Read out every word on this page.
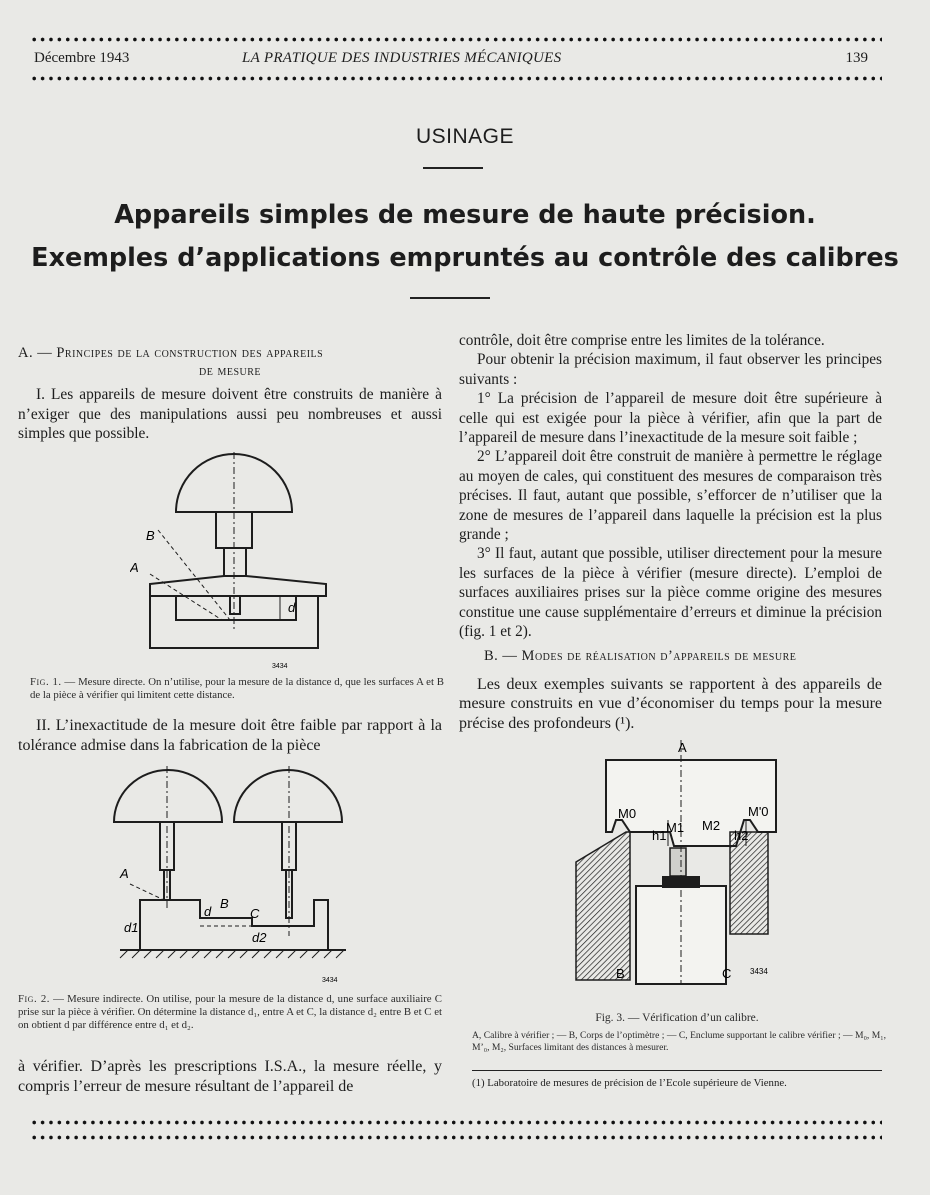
Décembre 1943	LA PRATIQUE DES INDUSTRIES MÉCANIQUES	139
USINAGE
Appareils simples de mesure de haute précision.
Exemples d’applications empruntés au contrôle des calibres
A. — Principes de la construction des appareils
de mesure

I. Les appareils de mesure doivent être construits de manière à n’exiger que des manipulations aussi peu nombreuses et aussi simples que possible.

B
A
d
3434
Fig. 1. — Mesure directe. On n’utilise, pour la mesure de la distance d, que les surfaces A et B de la pièce à vérifier qui limitent cette distance.

II. L’inexactitude de la mesure doit être faible par rapport à la tolérance admise dans la fabrication de la pièce

A
B
C
d
d1
d2
3434
Fig. 2. — Mesure indirecte. On utilise, pour la mesure de la distance d, une surface auxiliaire C prise sur la pièce à vérifier. On détermine la distance d₁, entre A et C, la distance d₂ entre B et C et on obtient d par différence entre d₁ et d₂.

à vérifier. D’après les prescriptions I.S.A., la mesure réelle, y compris l’erreur de mesure résultant de l’appareil de

contrôle, doit être comprise entre les limites de la tolérance.

Pour obtenir la précision maximum, il faut observer les principes suivants :

1° La précision de l’appareil de mesure doit être supérieure à celle qui est exigée pour la pièce à vérifier, afin que la part de l’appareil de mesure dans l’inexactitude de la mesure soit faible ;

2° L’appareil doit être construit de manière à permettre le réglage au moyen de cales, qui constituent des mesures de comparaison très précises. Il faut, autant que possible, s’efforcer de n’utiliser que la zone de mesures de l’appareil dans laquelle la précision est la plus grande ;

3° Il faut, autant que possible, utiliser directement pour la mesure les surfaces de la pièce à vérifier (mesure directe). L’emploi de surfaces auxiliaires prises sur la pièce comme origine des mesures constitue une cause supplémentaire d’erreurs et diminue la précision (fig. 1 et 2).

B. — Modes de réalisation d’appareils de mesure

Les deux exemples suivants se rapportent à des appareils de mesure construits en vue d’économiser du temps pour la mesure précise des profondeurs (¹).

A
M0
M1 M2
M'0
h1	h2
B	C 3434
Fig. 3. — Vérification d’un calibre.
A, Calibre à vérifier ; — B, Corps de l’optimètre ; — C, Enclume supportant le calibre vérifier ; — M₀, M₁, M’₀, M₂, Surfaces limitant des distances à mesurer.
(1) Laboratoire de mesures de précision de l’Ecole supérieure de Vienne.
